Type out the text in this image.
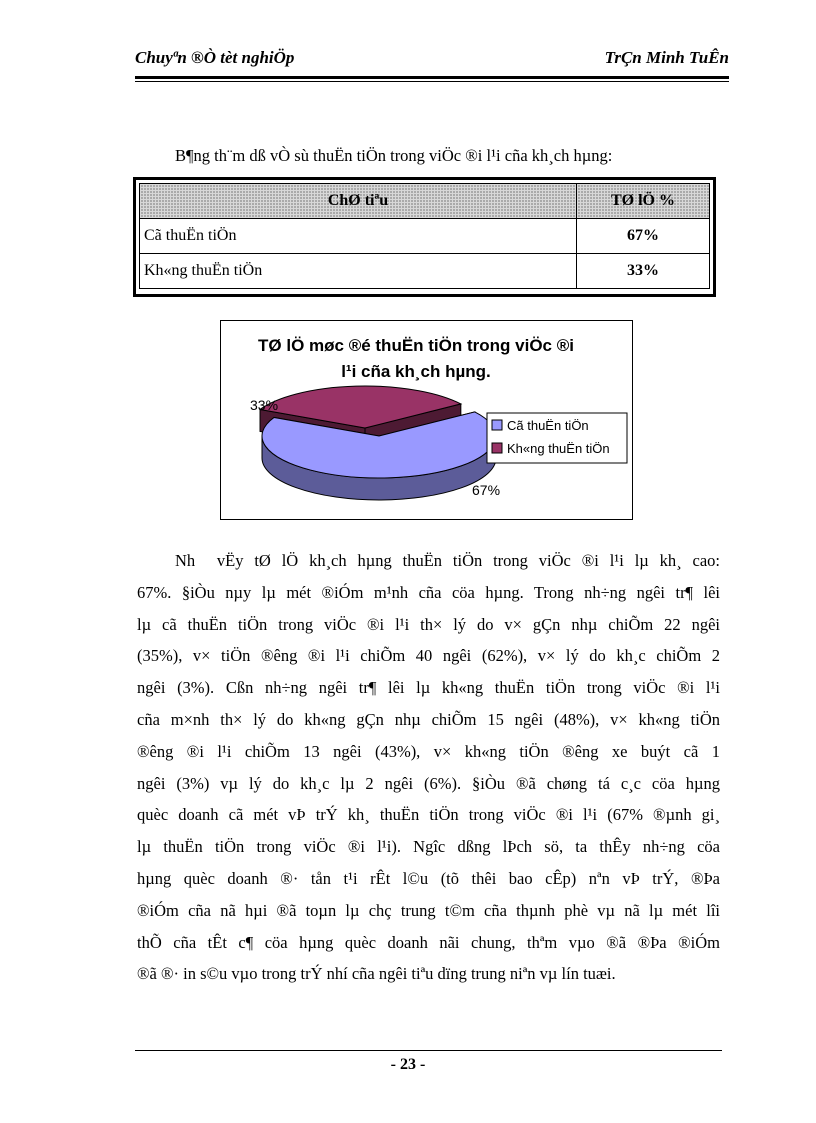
Chuyªn ®Ò tèt nghiÖp	TrÇn Minh TuÊn
B¶ng th¨m dß vÒ sù thuËn tiÖn trong viÖc ®i l¹i cña kh¸ch hµng:
ChØ tiªu	TØ lÖ %
Cã thuËn tiÖn	67%
Kh«ng thuËn tiÖn	33%
TØ lÖ møc ®é thuËn tiÖn trong viÖc ®i
l¹i cña kh¸ch hµng.
67%
33%
Cã thuËn tiÖn
Kh«ng thuËn tiÖn
Nh  vËy tØ lÖ kh¸ch hµng thuËn tiÖn trong viÖc ®i l¹i lµ kh¸ cao:
67%. §iÒu nµy lµ mét ®iÓm m¹nh cña cöa hµng. Trong nh÷ng ngêi tr¶ lêi
lµ cã thuËn tiÖn trong viÖc ®i l¹i th× lý do v× gÇn nhµ chiÕm 22 ngêi
(35%), v× tiÖn ®êng ®i l¹i chiÕm 40 ngêi (62%), v× lý do kh¸c chiÕm 2
ngêi (3%). Cßn nh÷ng ngêi tr¶ lêi lµ kh«ng thuËn tiÖn trong viÖc ®i l¹i
cña m×nh th× lý do kh«ng gÇn nhµ chiÕm 15 ngêi (48%), v× kh«ng tiÖn
®êng ®i l¹i chiÕm 13 ngêi (43%), v× kh«ng tiÖn ®êng xe buýt cã 1
ngêi (3%) vµ lý do kh¸c lµ 2 ngêi (6%). §iÒu ®ã chøng tá c¸c cöa hµng
quèc doanh cã mét vÞ trÝ kh¸ thuËn tiÖn trong viÖc ®i l¹i (67% ®µnh gi¸
lµ thuËn tiÖn trong viÖc ®i l¹i). Ngîc dßng lÞch sö, ta thÊy nh÷ng cöa
hµng quèc doanh ®· tån t¹i rÊt l©u (tõ thêi bao cÊp) nªn vÞ trÝ, ®Þa
®iÓm cña nã hµi ®ã toµn lµ chç trung t©m cña thµnh phè vµ nã lµ mét lîi
thÕ cña tÊt c¶ cöa hµng quèc doanh nãi chung, thªm vµo ®ã ®Þa ®iÓm
®ã ®· in s©u vµo trong trÝ nhí cña ngêi tiªu dïng trung niªn vµ lín tuæi.
- 23 -
